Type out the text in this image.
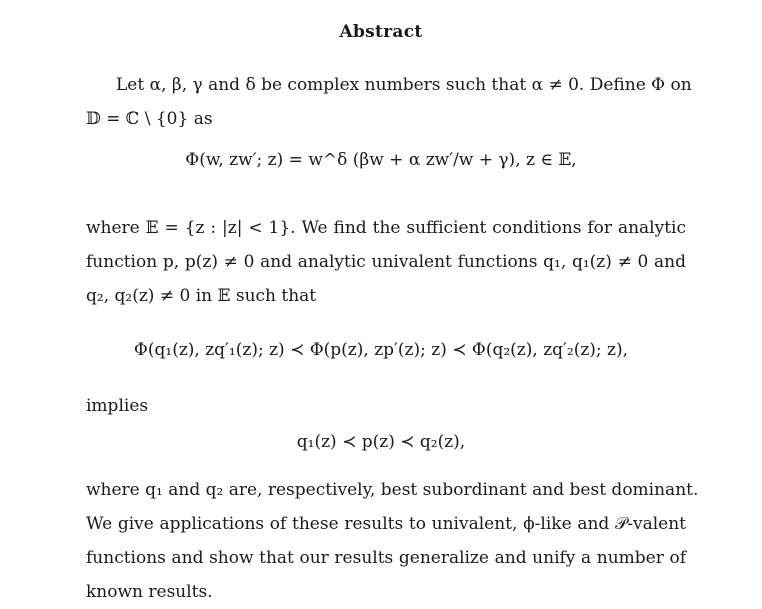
Abstract
Let α, β, γ and δ be complex numbers such that α ≠ 0. Define Φ on
𝔻 = ℂ \ {0} as
Φ(w, zw′; z) = w^δ (βw + α zw′/w + γ), z ∈ 𝔼,
where 𝔼 = {z : |z| < 1}. We find the sufficient conditions for analytic
function p, p(z) ≠ 0 and analytic univalent functions q₁, q₁(z) ≠ 0 and
q₂, q₂(z) ≠ 0 in 𝔼 such that
Φ(q₁(z), zq′₁(z); z) ≺ Φ(p(z), zp′(z); z) ≺ Φ(q₂(z), zq′₂(z); z),
implies
q₁(z) ≺ p(z) ≺ q₂(z),
where q₁ and q₂ are, respectively, best subordinant and best dominant.
We give applications of these results to univalent, ϕ-like and 𝒫-valent
functions and show that our results generalize and unify a number of
known results.
